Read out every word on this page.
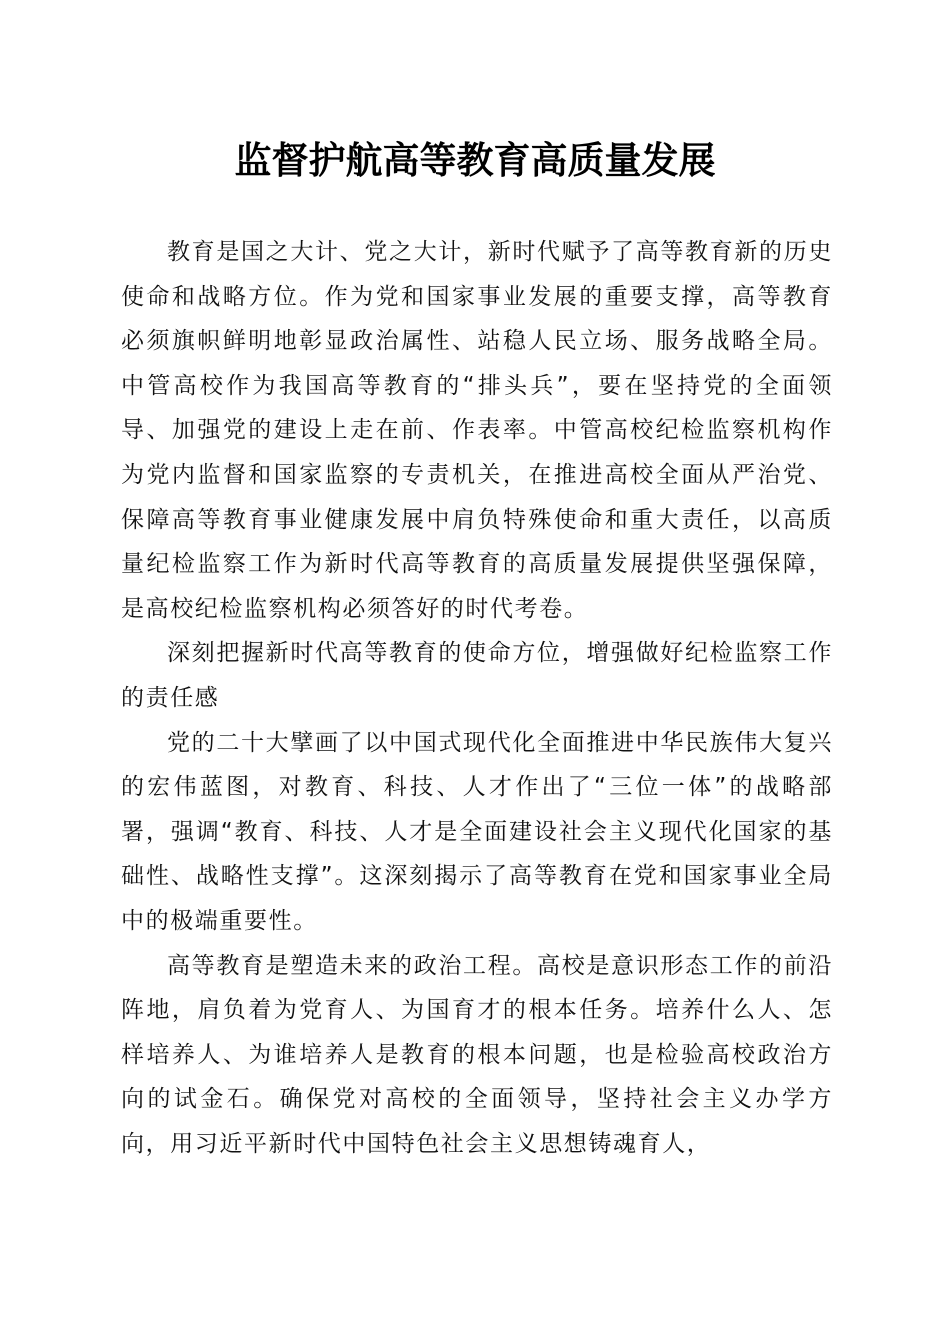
监督护航高等教育高质量发展

教育是国之大计、党之大计，新时代赋予了高等教育新的历史使命和战略方位。作为党和国家事业发展的重要支撑，高等教育必须旗帜鲜明地彰显政治属性、站稳人民立场、服务战略全局。中管高校作为我国高等教育的“排头兵”，要在坚持党的全面领导、加强党的建设上走在前、作表率。中管高校纪检监察机构作为党内监督和国家监察的专责机关，在推进高校全面从严治党、保障高等教育事业健康发展中肩负特殊使命和重大责任，以高质量纪检监察工作为新时代高等教育的高质量发展提供坚强保障，是高校纪检监察机构必须答好的时代考卷。

深刻把握新时代高等教育的使命方位，增强做好纪检监察工作的责任感

党的二十大擘画了以中国式现代化全面推进中华民族伟大复兴的宏伟蓝图，对教育、科技、人才作出了“三位一体”的战略部署，强调“教育、科技、人才是全面建设社会主义现代化国家的基础性、战略性支撑”。这深刻揭示了高等教育在党和国家事业全局中的极端重要性。

高等教育是塑造未来的政治工程。高校是意识形态工作的前沿阵地，肩负着为党育人、为国育才的根本任务。培养什么人、怎样培养人、为谁培养人是教育的根本问题，也是检验高校政治方向的试金石。确保党对高校的全面领导，坚持社会主义办学方向，用习近平新时代中国特色社会主义思想铸魂育人，
